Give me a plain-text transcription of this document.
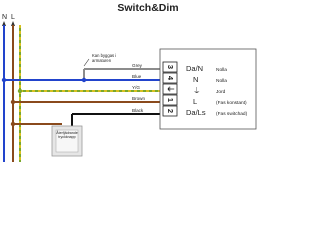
Switch&Dim
N L
Kan byggas i
armaturen
Grey
Blue
Y/G
Brown
Black
3
4
⏚
1
2
Da/N
N
⏚
L
Da/Ls
Nolla
Nolla
Jord
(Fas konstant)
(Fas switchad)
Återfjädrande
tryckknapp
